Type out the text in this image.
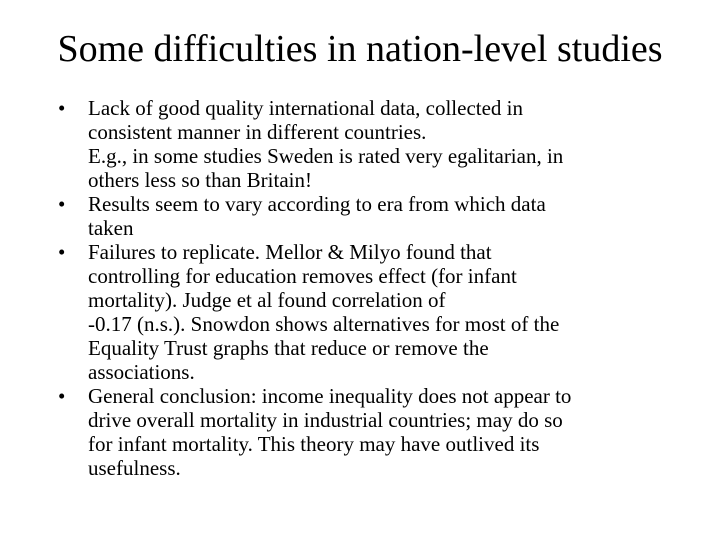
Some difficulties in nation-level studies
• Lack of good quality international data, collected in
consistent manner in different countries.
E.g., in some studies Sweden is rated very egalitarian, in
others less so than Britain!
• Results seem to vary according to era from which data
taken
• Failures to replicate. Mellor & Milyo found that
controlling for education removes effect (for infant
mortality). Judge et al found correlation of
-0.17 (n.s.). Snowdon shows alternatives for most of the
Equality Trust graphs that reduce or remove the
associations.
• General conclusion: income inequality does not appear to
drive overall mortality in industrial countries; may do so
for infant mortality. This theory may have outlived its
usefulness.
